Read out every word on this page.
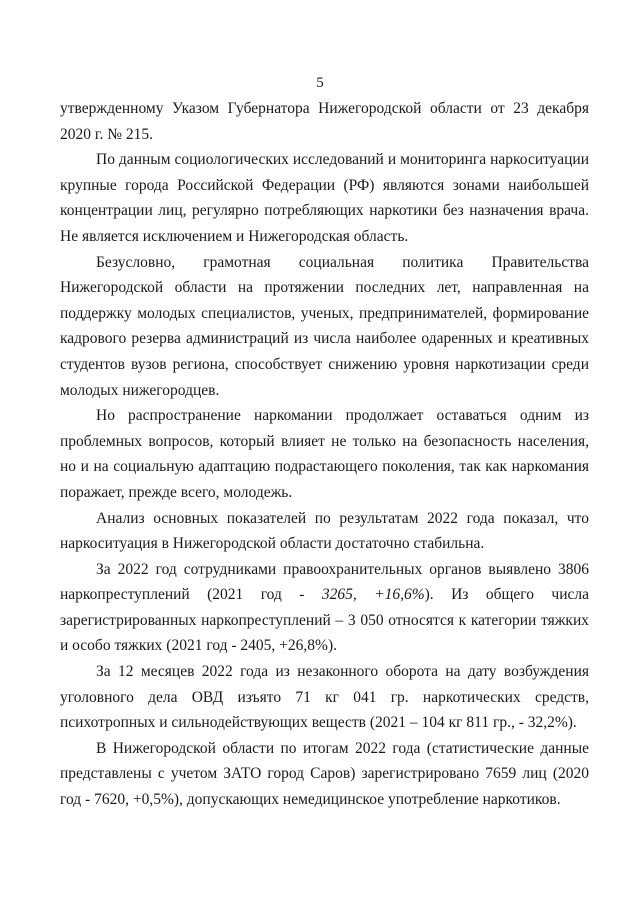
5

утвержденному Указом Губернатора Нижегородской области от 23 декабря 2020 г. № 215.

По данным социологических исследований и мониторинга наркоситуации крупные города Российской Федерации (РФ) являются зонами наибольшей концентрации лиц, регулярно потребляющих наркотики без назначения врача. Не является исключением и Нижегородская область.

Безусловно, грамотная социальная политика Правительства Нижегородской области на протяжении последних лет, направленная на поддержку молодых специалистов, ученых, предпринимателей, формирование кадрового резерва администраций из числа наиболее одаренных и креативных студентов вузов региона, способствует снижению уровня наркотизации среди молодых нижегородцев.

Но распространение наркомании продолжает оставаться одним из проблемных вопросов, который влияет не только на безопасность населения, но и на социальную адаптацию подрастающего поколения, так как наркомания поражает, прежде всего, молодежь.

Анализ основных показателей по результатам 2022 года показал, что наркоситуация в Нижегородской области достаточно стабильна.

За 2022 год сотрудниками правоохранительных органов выявлено 3806 наркопреступлений (2021 год - 3265, +16,6%). Из общего числа зарегистрированных наркопреступлений – 3 050 относятся к категории тяжких и особо тяжких (2021 год - 2405, +26,8%).

За 12 месяцев 2022 года из незаконного оборота на дату возбуждения уголовного дела ОВД изъято 71 кг 041 гр. наркотических средств, психотропных и сильнодействующих веществ (2021 – 104 кг 811 гр., - 32,2%).

В Нижегородской области по итогам 2022 года (статистические данные представлены с учетом ЗАТО город Саров) зарегистрировано 7659 лиц (2020 год - 7620, +0,5%), допускающих немедицинское употребление наркотиков.
